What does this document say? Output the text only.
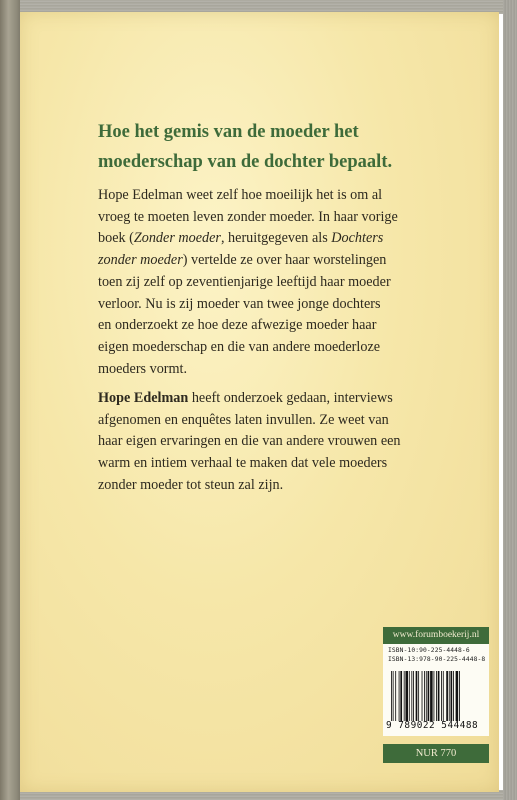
Hoe het gemis van de moeder het
moederschap van de dochter bepaalt.
Hope Edelman weet zelf hoe moeilijk het is om al
vroeg te moeten leven zonder moeder. In haar vorige
boek (Zonder moeder, heruitgegeven als Dochters
zonder moeder) vertelde ze over haar worstelingen
toen zij zelf op zeventienjarige leeftijd haar moeder
verloor. Nu is zij moeder van twee jonge dochters
en onderzoekt ze hoe deze afwezige moeder haar
eigen moederschap en die van andere moederloze
moeders vormt.
Hope Edelman heeft onderzoek gedaan, interviews
afgenomen en enquêtes laten invullen. Ze weet van
haar eigen ervaringen en die van andere vrouwen een
warm en intiem verhaal te maken dat vele moeders
zonder moeder tot steun zal zijn.
www.forumboekerij.nl
ISBN-10:90-225-4448-6
ISBN-13:978-90-225-4448-8
9 789022 544488
NUR 770
